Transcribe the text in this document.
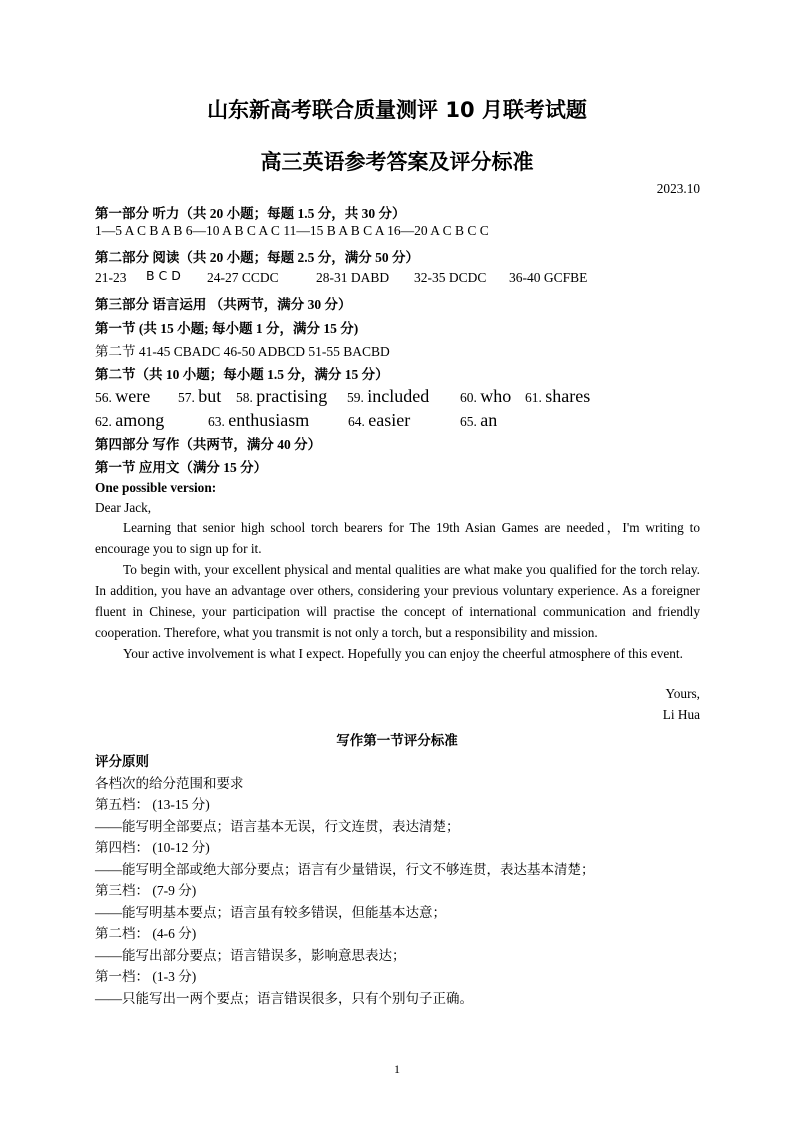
山东新高考联合质量测评 10 月联考试题
高三英语参考答案及评分标准
2023.10
第一部分 听力（共 20 小题；每题 1.5 分，共 30 分）
1—5 A C B A B 6—10 A B C A C 11—15 B A B C A 16—20 A C B C C
第二部分 阅读（共 20 小题；每题 2.5 分，满分 50 分）
21-23 B C D 24-27 CCDC	28-31 DABD 32-35 DCDC 36-40 GCFBE
第三部分 语言运用 （共两节，满分 30 分）
第一节 (共 15 小题; 每小题 1 分，满分 15 分)
第二节 41-45 CBADC 46-50 ADBCD 51-55 BACBD
第二节（共 10 小题；每小题 1.5 分，满分 15 分）
56. were 57. but 58. practising 59. included 60. who 61. shares
62. among	63. enthusiasm	64. easier	65. an
第四部分 写作（共两节，满分 40 分）
第一节 应用文（满分 15 分）
One possible version:
Dear Jack,
Learning that senior high school torch bearers for The 19th Asian Games are needed，I'm writing to encourage you to sign up for it.
To begin with, your excellent physical and mental qualities are what make you qualified for the torch relay. In addition, you have an advantage over others, considering your previous voluntary experience. As a foreigner fluent in Chinese, your participation will practise the concept of international communication and friendly cooperation. Therefore, what you transmit is not only a torch, but a responsibility and mission.
Your active involvement is what I expect. Hopefully you can enjoy the cheerful atmosphere of this event.
Yours,
Li Hua
写作第一节评分标准
评分原则
各档次的给分范围和要求
第五档： (13-15 分)
——能写明全部要点；语言基本无误，行文连贯，表达清楚；
第四档： (10-12 分)
——能写明全部或绝大部分要点；语言有少量错误，行文不够连贯，表达基本清楚；
第三档： (7-9 分)
——能写明基本要点；语言虽有较多错误，但能基本达意；
第二档： (4-6 分)
——能写出部分要点；语言错误多，影响意思表达；
第一档： (1-3 分)
——只能写出一两个要点；语言错误很多，只有个别句子正确。
1
